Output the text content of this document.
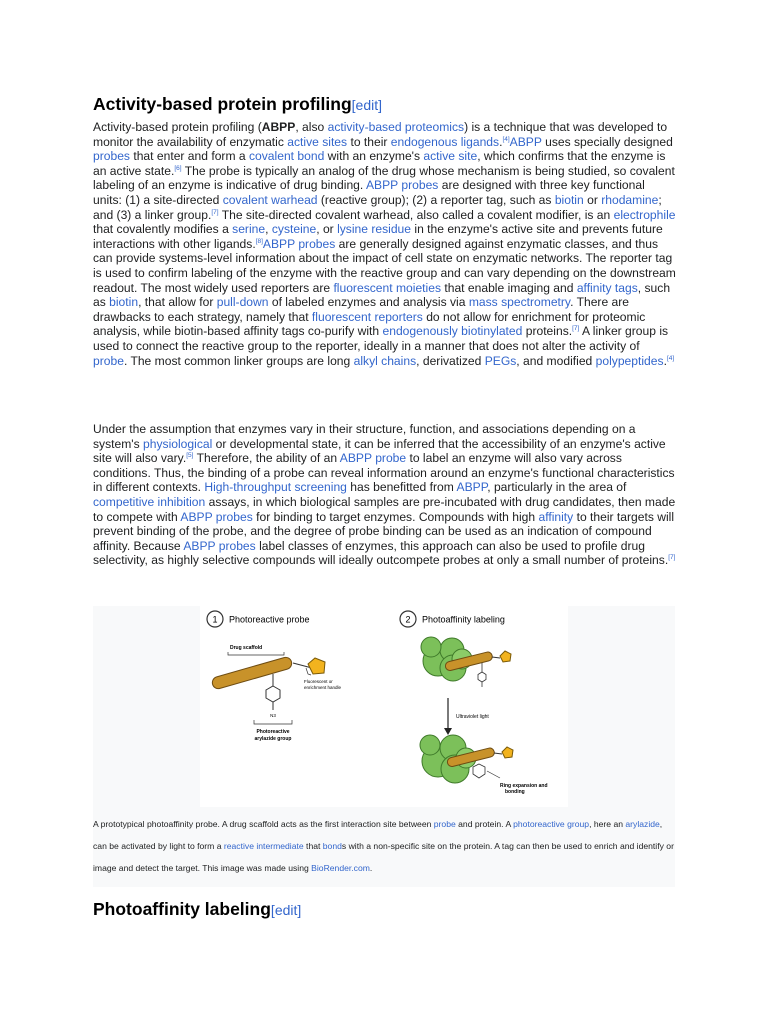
Activity-based protein profiling[edit]
Activity-based protein profiling (ABPP, also activity-based proteomics) is a technique that was developed to monitor the availability of enzymatic active sites to their endogenous ligands.[4]ABPP uses specially designed probes that enter and form a covalent bond with an enzyme's active site, which confirms that the enzyme is an active state.[6] The probe is typically an analog of the drug whose mechanism is being studied, so covalent labeling of an enzyme is indicative of drug binding. ABPP probes are designed with three key functional units: (1) a site-directed covalent warhead (reactive group); (2) a reporter tag, such as biotin or rhodamine; and (3) a linker group.[7] The site-directed covalent warhead, also called a covalent modifier, is an electrophile that covalently modifies a serine, cysteine, or lysine residue in the enzyme's active site and prevents future interactions with other ligands.[8]ABPP probes are generally designed against enzymatic classes, and thus can provide systems-level information about the impact of cell state on enzymatic networks. The reporter tag is used to confirm labeling of the enzyme with the reactive group and can vary depending on the downstream readout. The most widely used reporters are fluorescent moieties that enable imaging and affinity tags, such as biotin, that allow for pull-down of labeled enzymes and analysis via mass spectrometry. There are drawbacks to each strategy, namely that fluorescent reporters do not allow for enrichment for proteomic analysis, while biotin-based affinity tags co-purify with endogenously biotinylated proteins.[7] A linker group is used to connect the reactive group to the reporter, ideally in a manner that does not alter the activity of probe. The most common linker groups are long alkyl chains, derivatized PEGs, and modified polypeptides.[4]
Under the assumption that enzymes vary in their structure, function, and associations depending on a system's physiological or developmental state, it can be inferred that the accessibility of an enzyme's active site will also vary.[5] Therefore, the ability of an ABPP probe to label an enzyme will also vary across conditions. Thus, the binding of a probe can reveal information around an enzyme's functional characteristics in different contexts. High-throughput screening has benefitted from ABPP, particularly in the area of competitive inhibition assays, in which biological samples are pre-incubated with drug candidates, then made to compete with ABPP probes for binding to target enzymes. Compounds with high affinity to their targets will prevent binding of the probe, and the degree of probe binding can be used as an indication of compound affinity. Because ABPP probes label classes of enzymes, this approach can also be used to profile drug selectivity, as highly selective compounds will ideally outcompete probes at only a small number of proteins.[7]
1 Photoreactive probe
Drug scaffold
Fluorescent or
enrichment handle
N3
Photoreactive
arylazide group
2 Photoaffinity labeling
Ultraviolet light
Ring expansion and
bonding
A prototypical photoaffinity probe. A drug scaffold acts as the first interaction site between probe and protein. A photoreactive group, here an arylazide, can be activated by light to form a reactive intermediate that bonds with a non-specific site on the protein. A tag can then be used to enrich and identify or image and detect the target. This image was made using BioRender.com.
Photoaffinity labeling[edit]
